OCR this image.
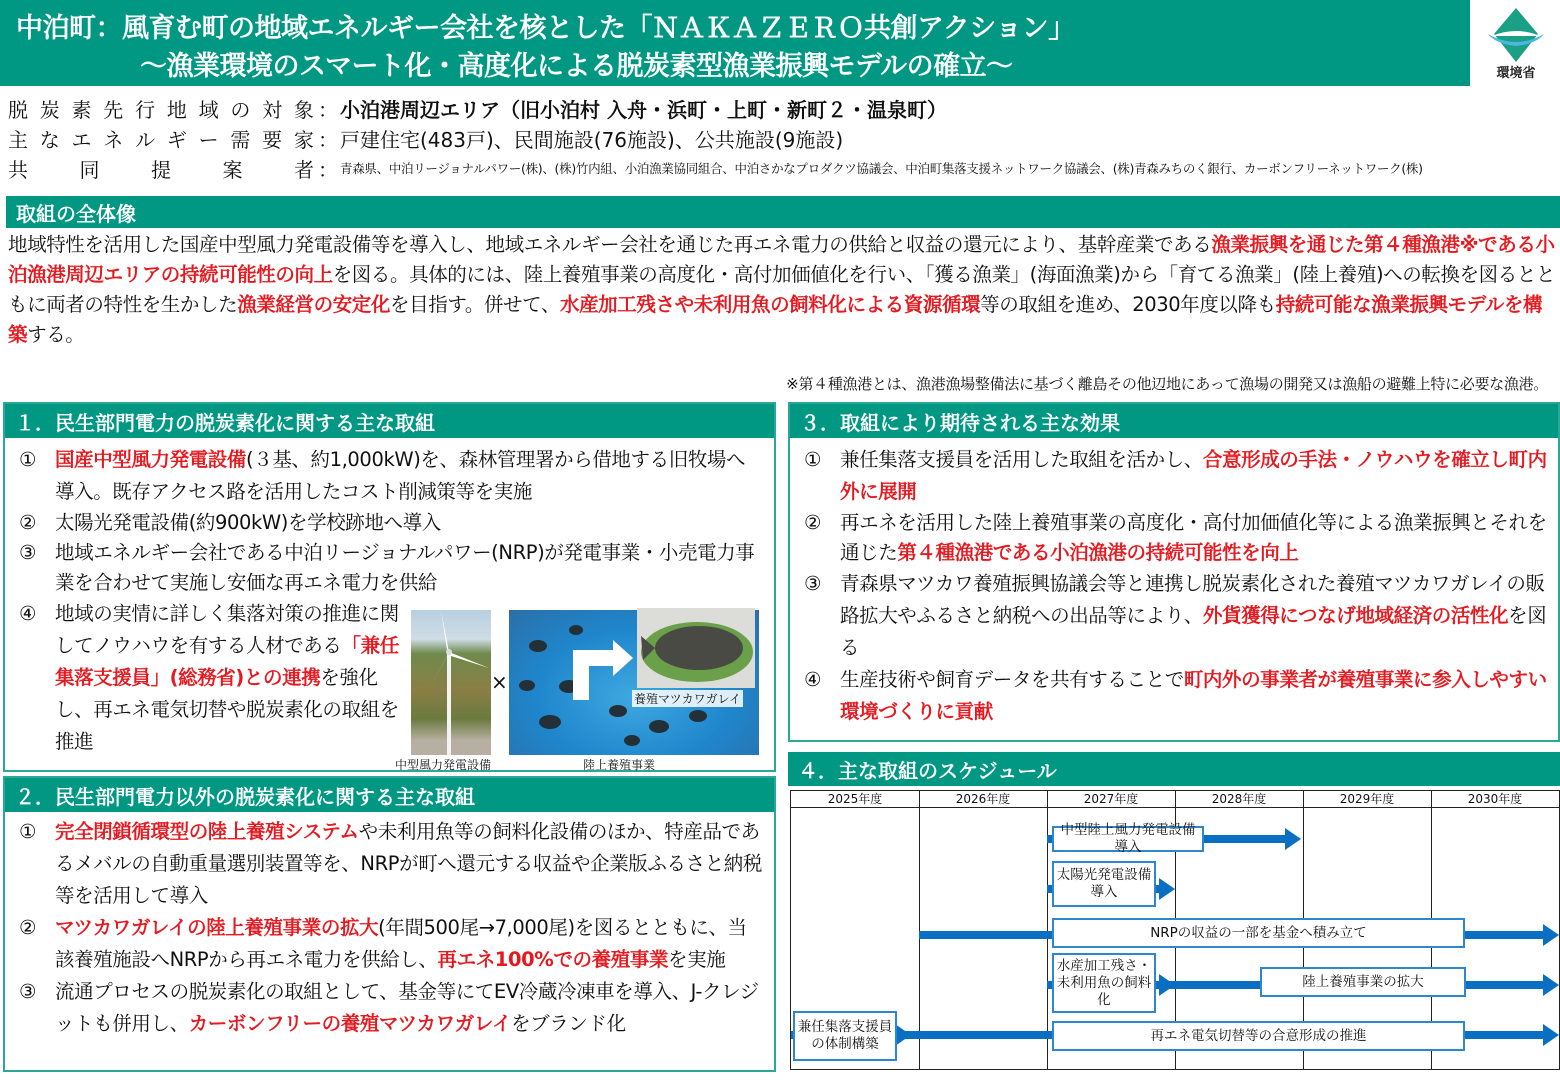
中泊町：風育む町の地域エネルギー会社を核とした「ＮＡＫＡＺＥＲＯ共創アクション」
～漁業環境のスマート化・高度化による脱炭素型漁業振興モデルの確立～	環境省
脱 炭 素 先 行 地 域 の 対 象 ： 小泊港周辺エリア（旧小泊村 入舟・浜町・上町・新町２・温泉町）
主 な エ ネ ル ギ ー 需 要 家 ： 戸建住宅(483戸)、民間施設(76施設)、公共施設(9施設)
共	同	提	案	者 ： 青森県、中泊リージョナルパワー(株)、(株)竹内組、小泊漁業協同組合、中泊さかなプロダクツ協議会、中泊町集落支援ネットワーク協議会、(株)青森みちのく銀行、カーボンフリーネットワーク(株)
取組の全体像
地域特性を活用した国産中型風力発電設備等を導入し、地域エネルギー会社を通じた再エネ電力の供給と収益の還元により、基幹産業である漁業振興を通じた第４種漁港※である小泊漁港周辺エリアの持続可能性の向上を図る。具体的には、陸上養殖事業の高度化・高付加価値化を行い、「獲る漁業」(海面漁業)から「育てる漁業」(陸上養殖)への転換を図るとともに両者の特性を生かした漁業経営の安定化を目指す。併せて、水産加工残さや未利用魚の飼料化による資源循環等の取組を進め、2030年度以降も持続可能な漁業振興モデルを構築する。
※第４種漁港とは、漁港漁場整備法に基づく離島その他辺地にあって漁場の開発又は漁船の避難上特に必要な漁港。
１．民生部門電力の脱炭素化に関する主な取組
① 国産中型風力発電設備(３基、約1,000kW)を、森林管理署から借地する旧牧場へ導入。既存アクセス路を活用したコスト削減策等を実施
② 太陽光発電設備(約900kW)を学校跡地へ導入
③ 地域エネルギー会社である中泊リージョナルパワー(NRP)が発電事業・小売電力事業を合わせて実施し安価な再エネ電力を供給
④ 地域の実情に詳しく集落対策の推進に関してノウハウを有する人材である「兼任集落支援員」(総務省)との連携を強化し、再エネ電気切替や脱炭素化の取組を推進
×
養殖マツカワガレイ
中型風力発電設備	陸上養殖事業
２．民生部門電力以外の脱炭素化に関する主な取組
① 完全閉鎖循環型の陸上養殖システムや未利用魚等の飼料化設備のほか、特産品であるメバルの自動重量選別装置等を、NRPが町へ還元する収益や企業版ふるさと納税等を活用して導入
② マツカワガレイの陸上養殖事業の拡大(年間500尾→7,000尾)を図るとともに、当該養殖施設へNRPから再エネ電力を供給し、再エネ100%での養殖事業を実施
③ 流通プロセスの脱炭素化の取組として、基金等にてEV冷蔵冷凍車を導入、J-クレジットも併用し、カーボンフリーの養殖マツカワガレイをブランド化
３．取組により期待される主な効果
① 兼任集落支援員を活用した取組を活かし、合意形成の手法・ノウハウを確立し町内外に展開
② 再エネを活用した陸上養殖事業の高度化・高付加価値化等による漁業振興とそれを通じた第４種漁港である小泊漁港の持続可能性を向上
③ 青森県マツカワ養殖振興協議会等と連携し脱炭素化された養殖マツカワガレイの販路拡大やふるさと納税への出品等により、外貨獲得につなげ地域経済の活性化を図る
④ 生産技術や飼育データを共有することで町内外の事業者が養殖事業に参入しやすい環境づくりに貢献
４．主な取組のスケジュール
2025年度	2026年度	2027年度	2028年度	2029年度	2030年度
中型陸上風力発電設備導入
太陽光発電設備導入
NRPの収益の一部を基金へ積み立て
水産加工残さ・未利用魚の飼料化
陸上養殖事業の拡大
兼任集落支援員の体制構築
再エネ電気切替等の合意形成の推進
